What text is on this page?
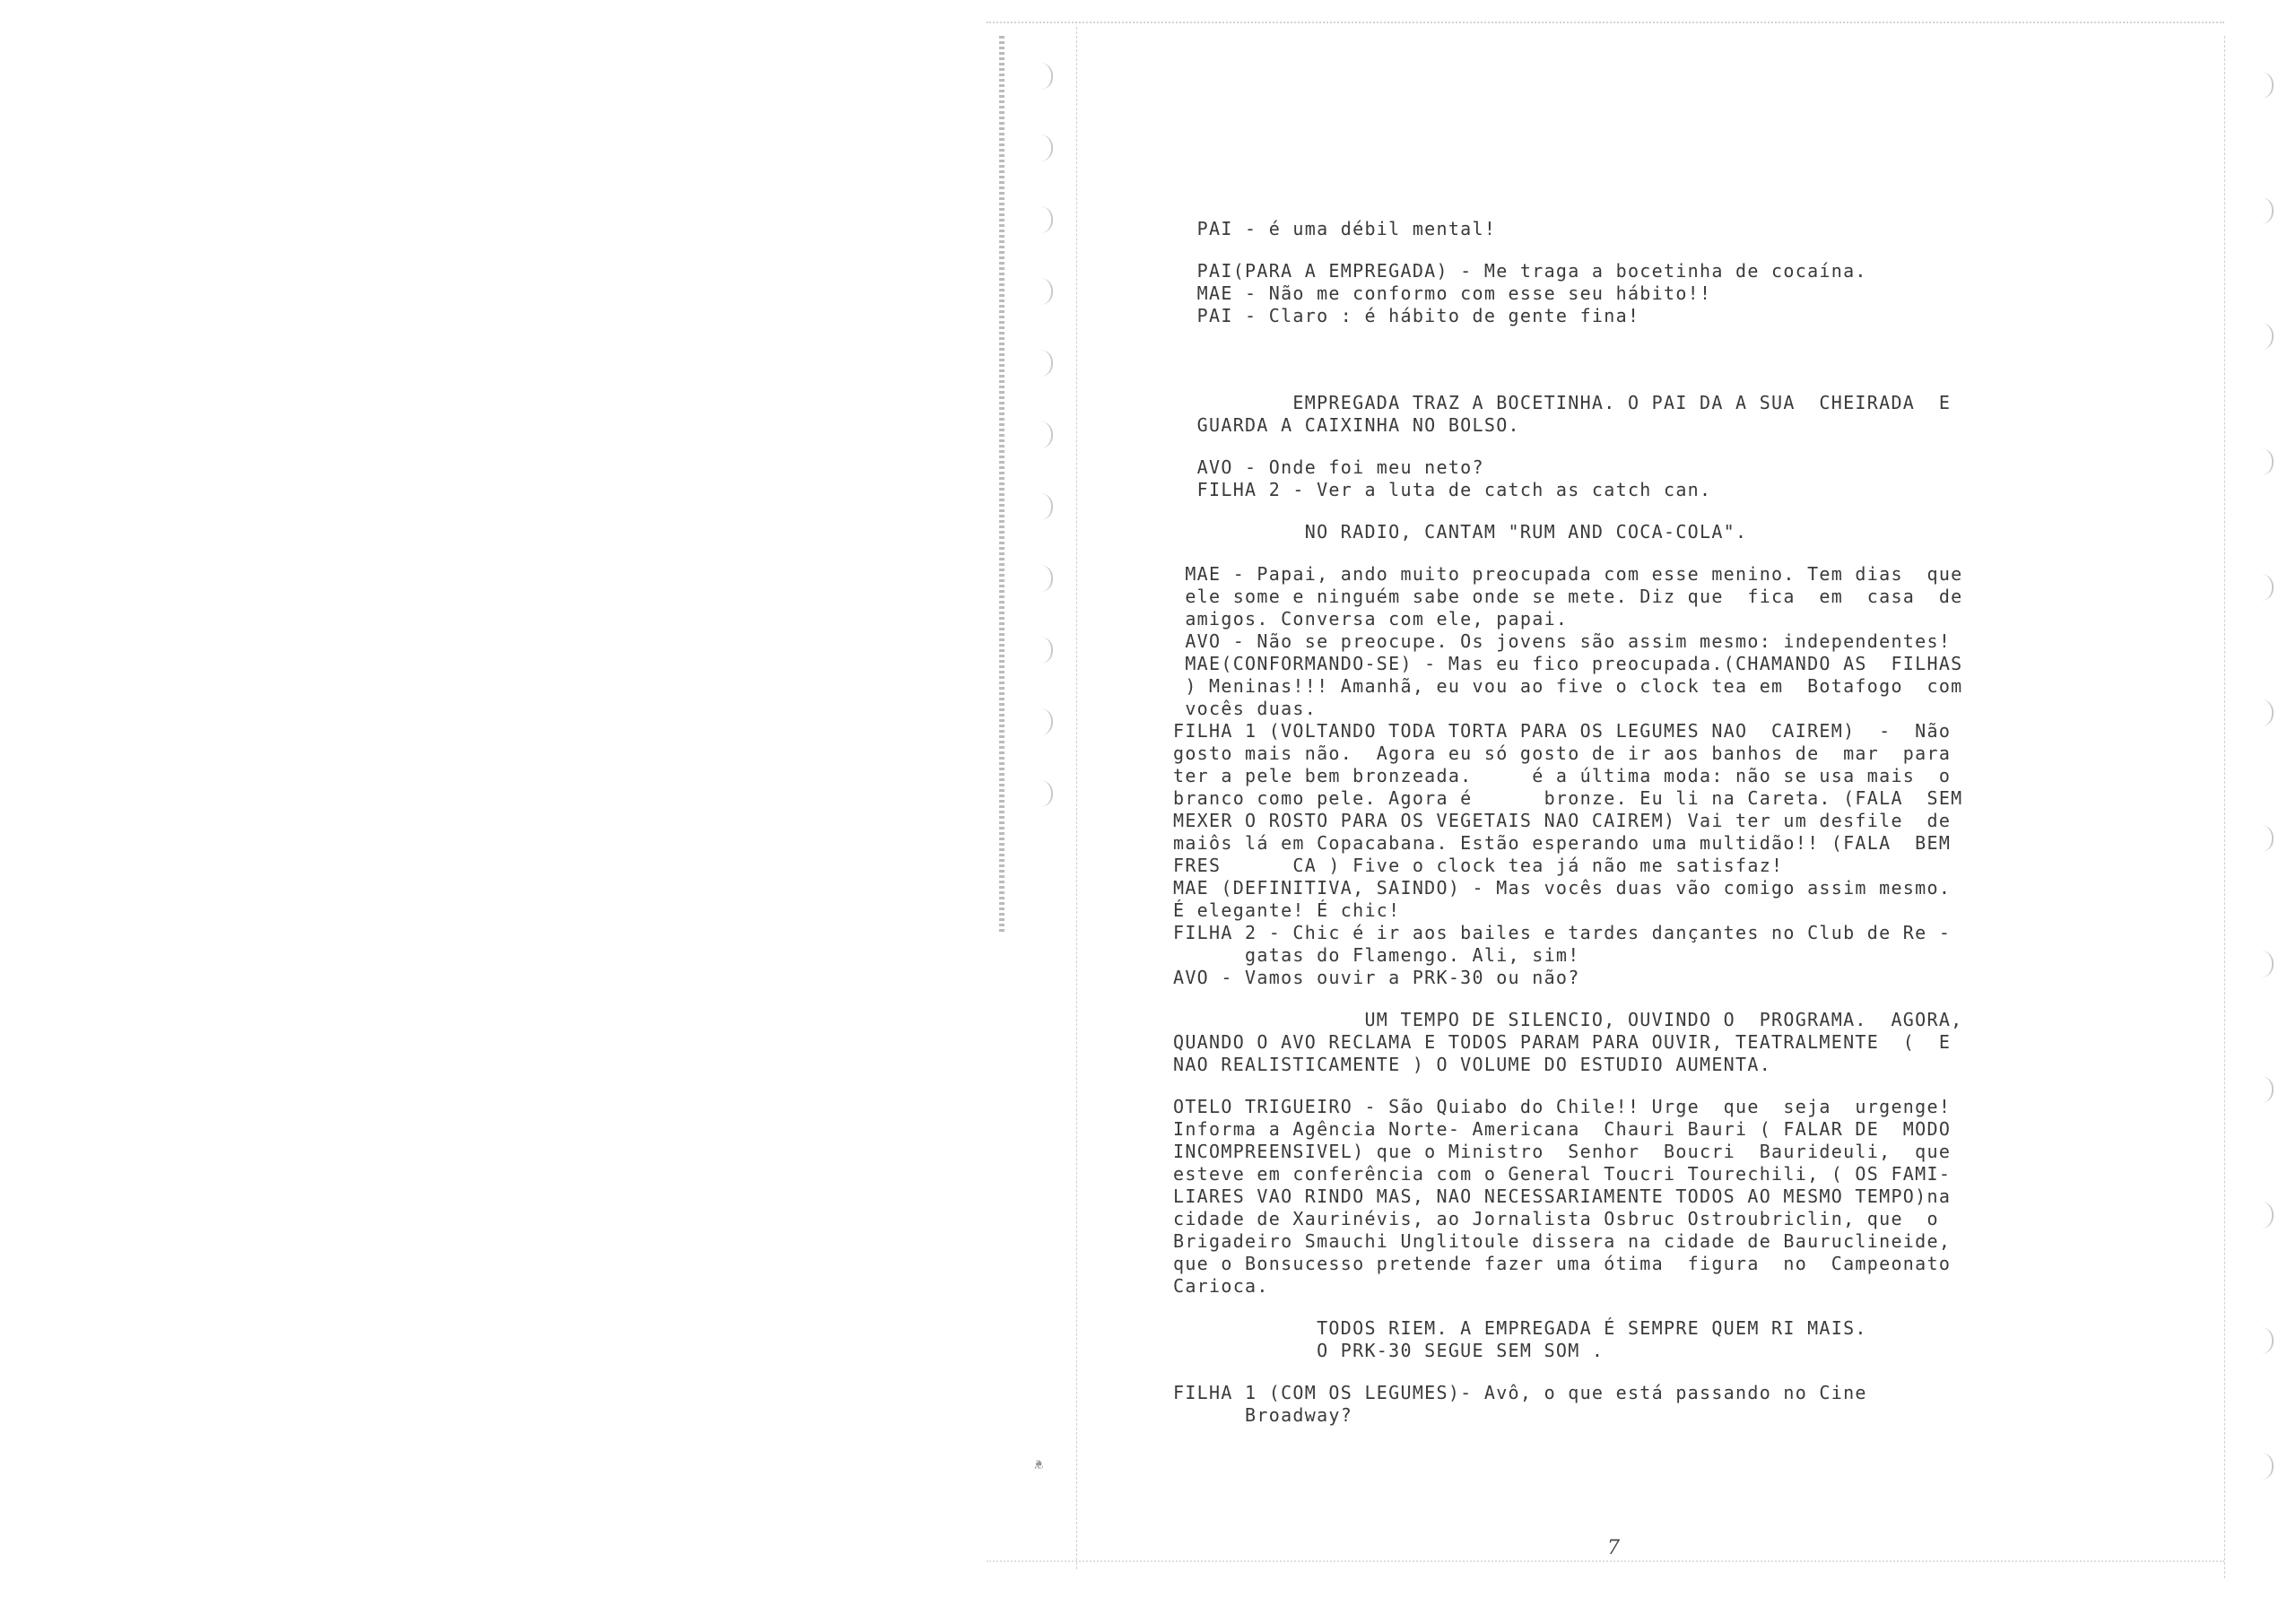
❦
PAI - é uma débil mental!
PAI(PARA A EMPREGADA) - Me traga a bocetinha de cocaína.
MAE - Não me conformo com esse seu hábito!!
PAI - Claro : é hábito de gente fina!
EMPREGADA TRAZ A BOCETINHA. O PAI DA A SUA  CHEIRADA  E
GUARDA A CAIXINHA NO BOLSO.
AVO - Onde foi meu neto?
FILHA 2 - Ver a luta de catch as catch can.
NO RADIO, CANTAM "RUM AND COCA-COLA".
MAE - Papai, ando muito preocupada com esse menino. Tem dias  que
ele some e ninguém sabe onde se mete. Diz que  fica  em  casa  de
amigos. Conversa com ele, papai.
AVO - Não se preocupe. Os jovens são assim mesmo: independentes!
MAE(CONFORMANDO-SE) - Mas eu fico preocupada.(CHAMANDO AS  FILHAS
) Meninas!!! Amanhã, eu vou ao five o clock tea em  Botafogo  com
vocês duas.
FILHA 1 (VOLTANDO TODA TORTA PARA OS LEGUMES NAO  CAIREM)  -  Não
gosto mais não.  Agora eu só gosto de ir aos banhos de  mar  para
ter a pele bem bronzeada.     é a última moda: não se usa mais  o
branco como pele. Agora é      bronze. Eu li na Careta. (FALA  SEM
MEXER O ROSTO PARA OS VEGETAIS NAO CAIREM) Vai ter um desfile  de
maiôs lá em Copacabana. Estão esperando uma multidão!! (FALA  BEM
FRES      CA ) Five o clock tea já não me satisfaz!
MAE (DEFINITIVA, SAINDO) - Mas vocês duas vão comigo assim mesmo.
É elegante! É chic!
FILHA 2 - Chic é ir aos bailes e tardes dançantes no Club de Re -
gatas do Flamengo. Ali, sim!
AVO - Vamos ouvir a PRK-30 ou não?
UM TEMPO DE SILENCIO, OUVINDO O  PROGRAMA.  AGORA,
QUANDO O AVO RECLAMA E TODOS PARAM PARA OUVIR, TEATRALMENTE  (  E
NAO REALISTICAMENTE ) O VOLUME DO ESTUDIO AUMENTA.
OTELO TRIGUEIRO - São Quiabo do Chile!! Urge  que  seja  urgenge!
Informa a Agência Norte- Americana  Chauri Bauri ( FALAR DE  MODO
INCOMPREENSIVEL) que o Ministro  Senhor  Boucri  Baurideuli,  que
esteve em conferência com o General Toucri Tourechili, ( OS FAMI-
LIARES VAO RINDO MAS, NAO NECESSARIAMENTE TODOS AO MESMO TEMPO)na
cidade de Xaurinévis, ao Jornalista Osbruc Ostroubriclin, que  o
Brigadeiro Smauchi Unglitoule dissera na cidade de Bauruclineide,
que o Bonsucesso pretende fazer uma ótima  figura  no  Campeonato
Carioca.
TODOS RIEM. A EMPREGADA É SEMPRE QUEM RI MAIS.
O PRK-30 SEGUE SEM SOM .
FILHA 1 (COM OS LEGUMES)- Avô, o que está passando no Cine
Broadway?
7
